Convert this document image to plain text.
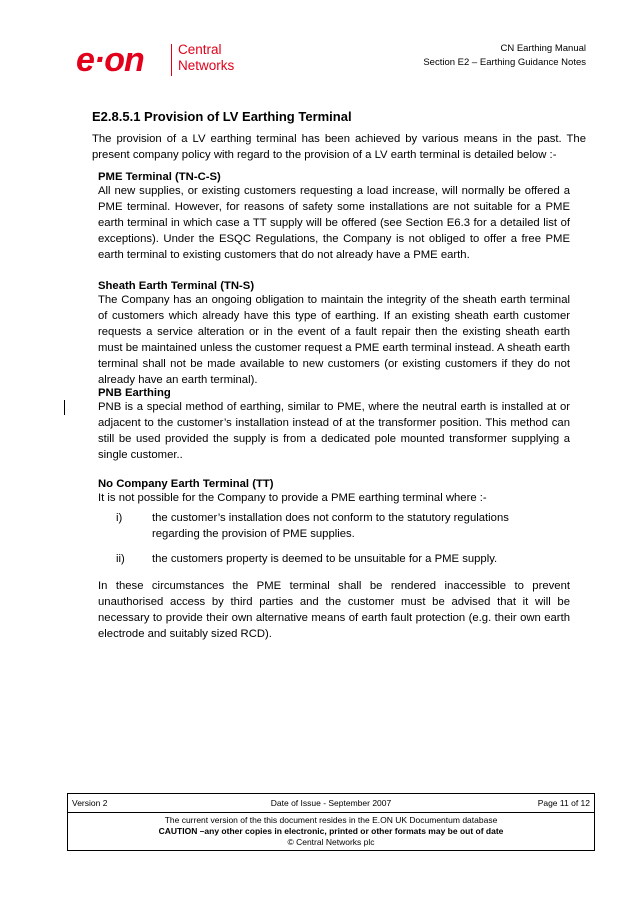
e·on	Central
Networks
CN Earthing Manual
Section E2 – Earthing Guidance Notes
E2.8.5.1 Provision of LV Earthing Terminal
The provision of a LV earthing terminal has been achieved by various means in the past. The present company policy with regard to the provision of a LV earth terminal is detailed below :-
PME Terminal (TN-C-S)
All new supplies, or existing customers requesting a load increase, will normally be offered a PME terminal. However, for reasons of safety some installations are not suitable for a PME earth terminal in which case a TT supply will be offered (see Section E6.3 for a detailed list of exceptions). Under the ESQC Regulations, the Company is not obliged to offer a free PME earth terminal to existing customers that do not already have a PME earth.
Sheath Earth Terminal (TN-S)
The Company has an ongoing obligation to maintain the integrity of the sheath earth terminal of customers which already have this type of earthing. If an existing sheath earth customer requests a service alteration or in the event of a fault repair then the existing sheath earth must be maintained unless the customer request a PME earth terminal instead. A sheath earth terminal shall not be made available to new customers (or existing customers if they do not already have an earth terminal).
PNB Earthing
PNB is a special method of earthing, similar to PME, where the neutral earth is installed at or adjacent to the customer’s installation instead of at the transformer position. This method can still be used provided the supply is from a dedicated pole mounted transformer supplying a single customer..
No Company Earth Terminal (TT)
It is not possible for the Company to provide a PME earthing terminal where :-
i)	the customer’s installation does not conform to the statutory regulations regarding the provision of PME supplies.
ii) the customers property is deemed to be unsuitable for a PME supply.
In these circumstances the PME terminal shall be rendered inaccessible to prevent unauthorised access by third parties and the customer must be advised that it will be necessary to provide their own alternative means of earth fault protection (e.g. their own earth electrode and suitably sized RCD).
Version 2	Date of Issue - September 2007	Page 11 of 12
The current version of the this document resides in the E.ON UK Documentum database
CAUTION –any other copies in electronic, printed or other formats may be out of date
© Central Networks plc
